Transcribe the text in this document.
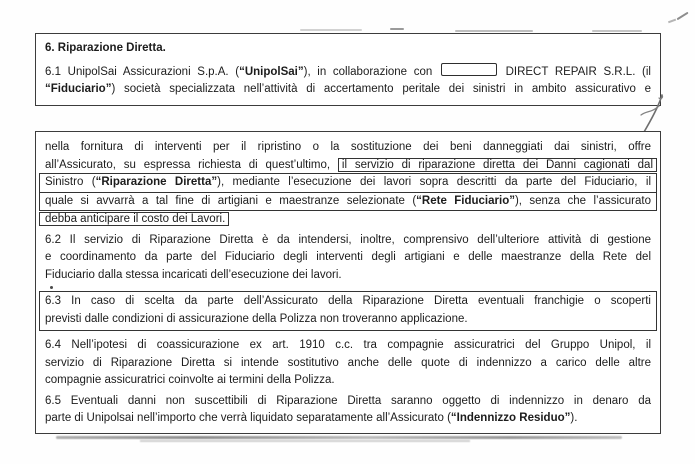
6. Riparazione Diretta.
6.1 UnipolSai Assicurazioni S.p.A. (“UnipolSai”), in collaborazione con	DIRECT REPAIR S.R.L. (il
“Fiduciario”) società specializzata nell’attività di accertamento peritale dei sinistri in ambito assicurativo e
nella fornitura di interventi per il ripristino o la sostituzione dei beni danneggiati dai sinistri, offre
all’Assicurato, su espressa richiesta di quest’ultimo, il servizio di riparazione diretta dei Danni cagionati dal
Sinistro (“Riparazione Diretta”), mediante l’esecuzione dei lavori sopra descritti da parte del Fiduciario, il
quale si avvarrà a tal fine di artigiani e maestranze selezionate (“Rete Fiduciario”), senza che l’assicurato
debba anticipare il costo dei Lavori.
6.2 Il servizio di Riparazione Diretta è da intendersi, inoltre, comprensivo dell’ulteriore attività di gestione
e coordinamento da parte del Fiduciario degli interventi degli artigiani e delle maestranze della Rete del
Fiduciario dalla stessa incaricati dell’esecuzione dei lavori.
6.3 In caso di scelta da parte dell’Assicurato della Riparazione Diretta eventuali franchigie o scoperti
previsti dalle condizioni di assicurazione della Polizza non troveranno applicazione.
6.4 Nell’ipotesi di coassicurazione ex art. 1910 c.c. tra compagnie assicuratrici del Gruppo Unipol, il
servizio di Riparazione Diretta si intende sostitutivo anche delle quote di indennizzo a carico delle altre
compagnie assicuratrici coinvolte ai termini della Polizza.
6.5 Eventuali danni non suscettibili di Riparazione Diretta saranno oggetto di indennizzo in denaro da
parte di Unipolsai nell’importo che verrà liquidato separatamente all’Assicurato (“Indennizzo Residuo”).
